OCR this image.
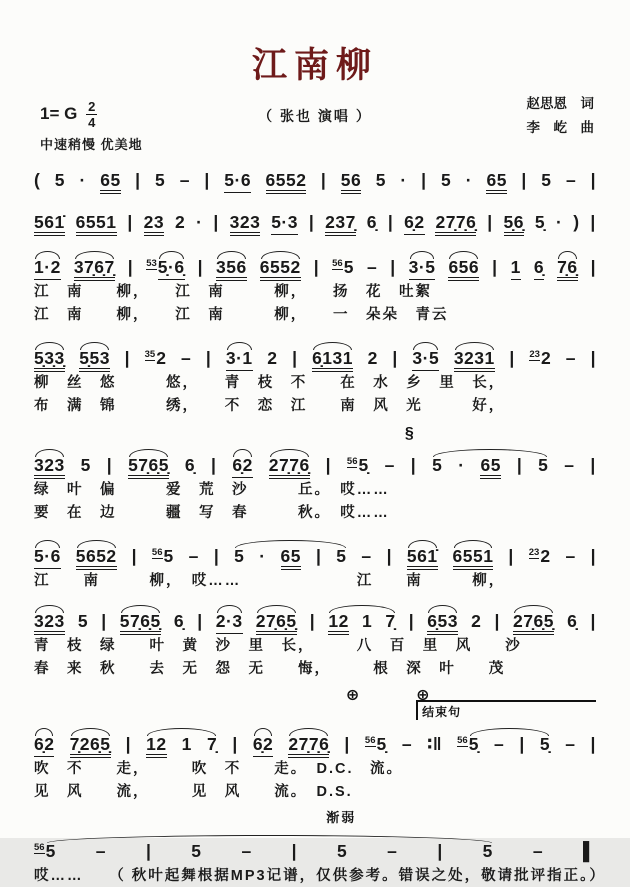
江南柳
1= G $\frac{2}{4}$
中速稍慢 优美地
（ 张也 演唱 ）
赵思恩　词
李　屹　曲
( 5 · 65 | 5 – | 5·6 6552 | 56 5 · | 5 · 65 | 5 – |
561 6551 | 23 2 · | 323 5·3 | 237 6 | 62 2776 | 56 5 · ) |
1·2 3767 | $^{53}$5·6 | 356 6552 | $^{56}$5 – | 3·5 656 | 1 6 76 |
江　南　　柳，　　江　南　　　柳，　　扬　花　吐絮
江　南　　柳，　　江　南　　　柳，　　一　朵朵　青云
533 553 | $^{35}$2 – | 3·1 2 | 6131 2 | 3·5 3231 | $^{23}$2 – |
柳　丝　悠　　　悠，　　青　枝　不　　在　水　乡　里　长，
布　满　锦　　　绣，　　不　恋　江　　南　风　光　　　好，
§
323 5 | 5765 6 | 62 2776 | $^{56}$5 – | 5 · 65 | 5 – |
绿　叶　偏　　　爱　荒　沙　　　丘。　哎……
要　在　边　　　疆　写　春　　　秋。　哎……
5·6 5652 | $^{56}$5 – | 5 · 65 | 5 – | 561 6551 | $^{23}$2 – |
江　　南　　　柳，　哎……　　　　　　　江　　南　　　柳，
323 5 | 5765 6 | 2·3 2765 | 12 1 7 | 653 2 | 2765 6 |
青　枝　绿　　叶　黄　沙　里　长，　　　八　百　里　风　　沙
春　来　秋　　去　无　怨　无　　悔，　　　根　深　叶　　茂
⊕	⊕
结束句
62 7265 | 12 1 7 | 62 2776 | $^{56}$5 – ∶‖ $^{56}$5 – | 5 – |
吹　不　　走，　　　吹　不　　走。　D.C.　流。
见　风　　流，　　　见　风　　流。　D.S.
渐弱
$^{56}$5 – | 5 – | 5 – | 5 – ▌
哎……　　（ 秋叶起舞根据MP3记谱，仅供参考。错误之处，敬请批评指正。）
